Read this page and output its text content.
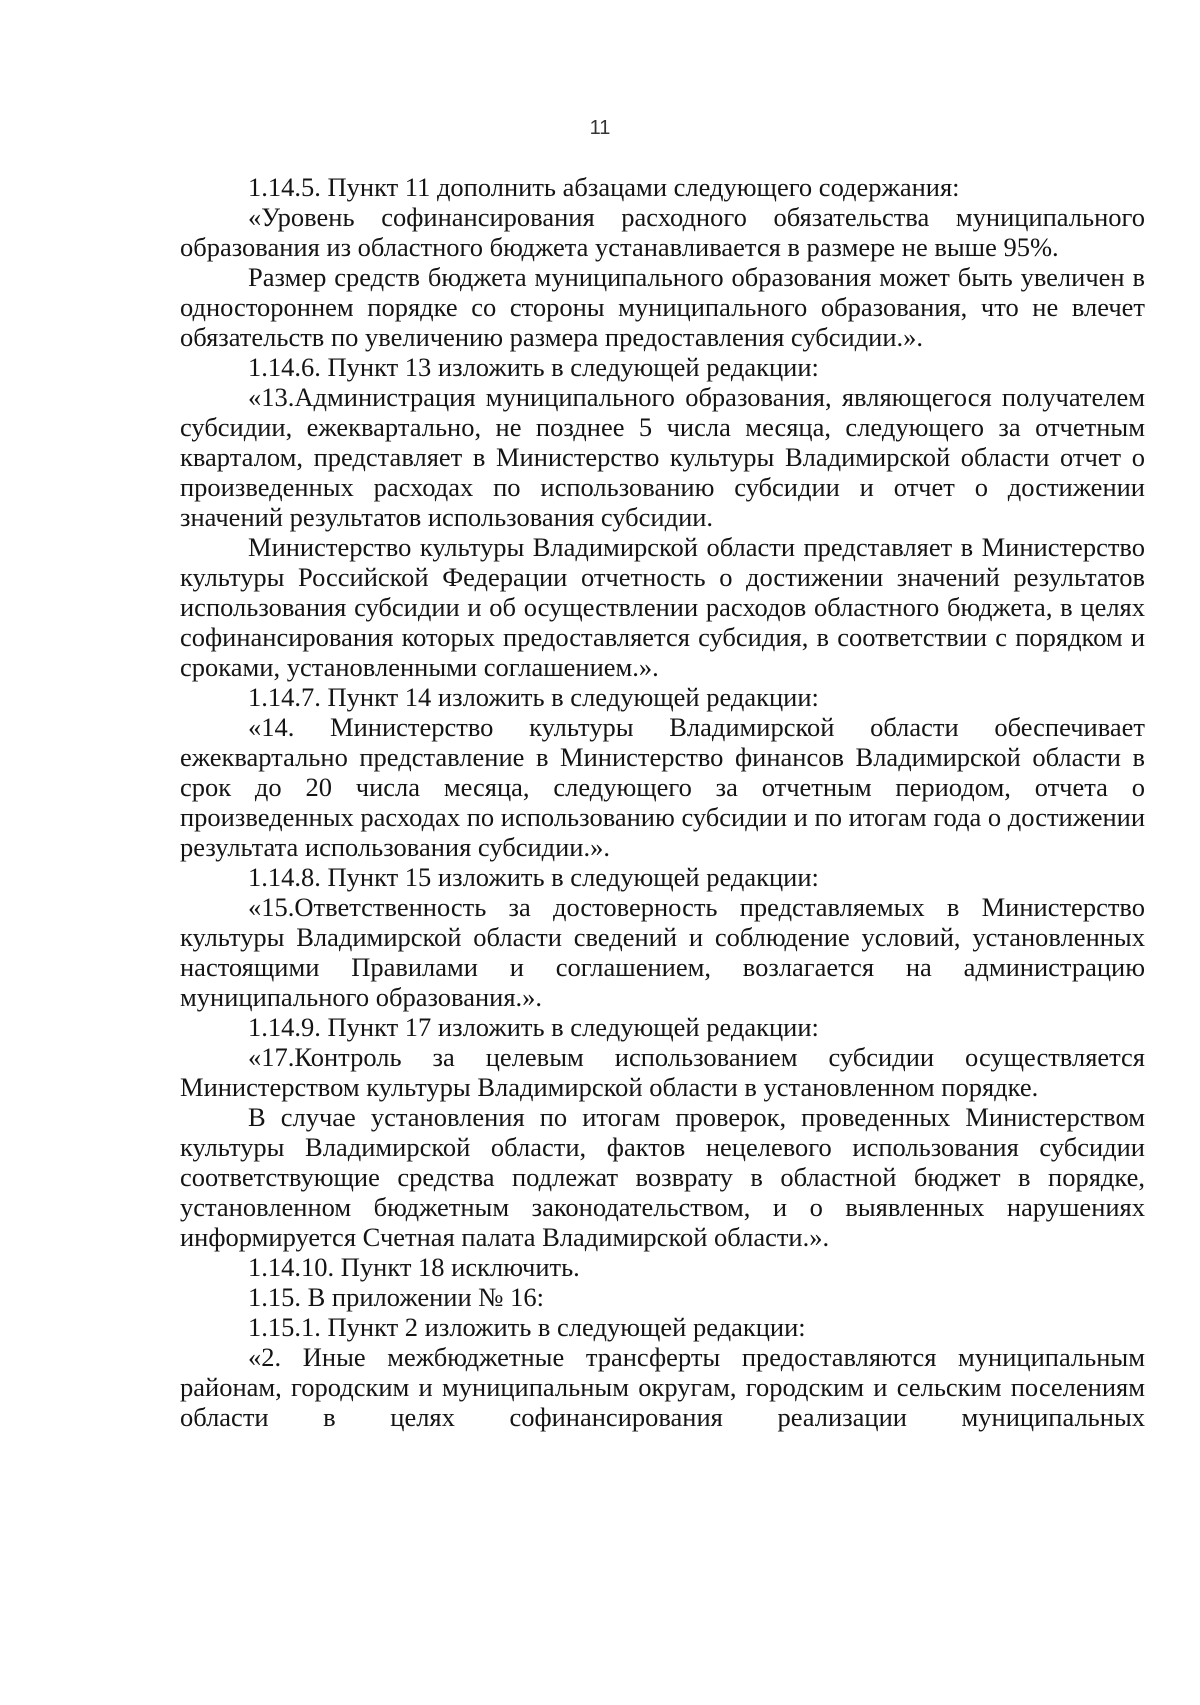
11

1.14.5. Пункт 11 дополнить абзацами следующего содержания:

«Уровень софинансирования расходного обязательства муниципального образования из областного бюджета устанавливается в размере не выше 95%.

Размер средств бюджета муниципального образования может быть увеличен в одностороннем порядке со стороны муниципального образования, что не влечет обязательств по увеличению размера предоставления субсидии.».

1.14.6. Пункт 13 изложить в следующей редакции:

«13.Администрация муниципального образования, являющегося получателем субсидии, ежеквартально, не позднее 5 числа месяца, следующего за отчетным кварталом, представляет в Министерство культуры Владимирской области отчет о произведенных расходах по использованию субсидии и отчет о достижении значений результатов использования субсидии.

Министерство культуры Владимирской области представляет в Министерство культуры Российской Федерации отчетность о достижении значений результатов использования субсидии и об осуществлении расходов областного бюджета, в целях софинансирования которых предоставляется субсидия, в соответствии с порядком и сроками, установленными соглашением.».

1.14.7. Пункт 14 изложить в следующей редакции:

«14. Министерство культуры Владимирской области обеспечивает ежеквартально представление в Министерство финансов Владимирской области в срок до 20 числа месяца, следующего за отчетным периодом, отчета о произведенных расходах по использованию субсидии и по итогам года о достижении результата использования субсидии.».

1.14.8. Пункт 15 изложить в следующей редакции:

«15.Ответственность за достоверность представляемых в Министерство культуры Владимирской области сведений и соблюдение условий, установленных настоящими Правилами и соглашением, возлагается на администрацию муниципального образования.».

1.14.9. Пункт 17 изложить в следующей редакции:

«17.Контроль за целевым использованием субсидии осуществляется Министерством культуры Владимирской области в установленном порядке.

В случае установления по итогам проверок, проведенных Министерством культуры Владимирской области, фактов нецелевого использования субсидии соответствующие средства подлежат возврату в областной бюджет в порядке, установленном бюджетным законодательством, и о выявленных нарушениях информируется Счетная палата Владимирской области.».

1.14.10. Пункт 18 исключить.

1.15. В приложении № 16:

1.15.1. Пункт 2 изложить в следующей редакции:

«2. Иные межбюджетные трансферты предоставляются муниципальным районам, городским и муниципальным округам, городским и сельским поселениям области в целях софинансирования реализации муниципальных
